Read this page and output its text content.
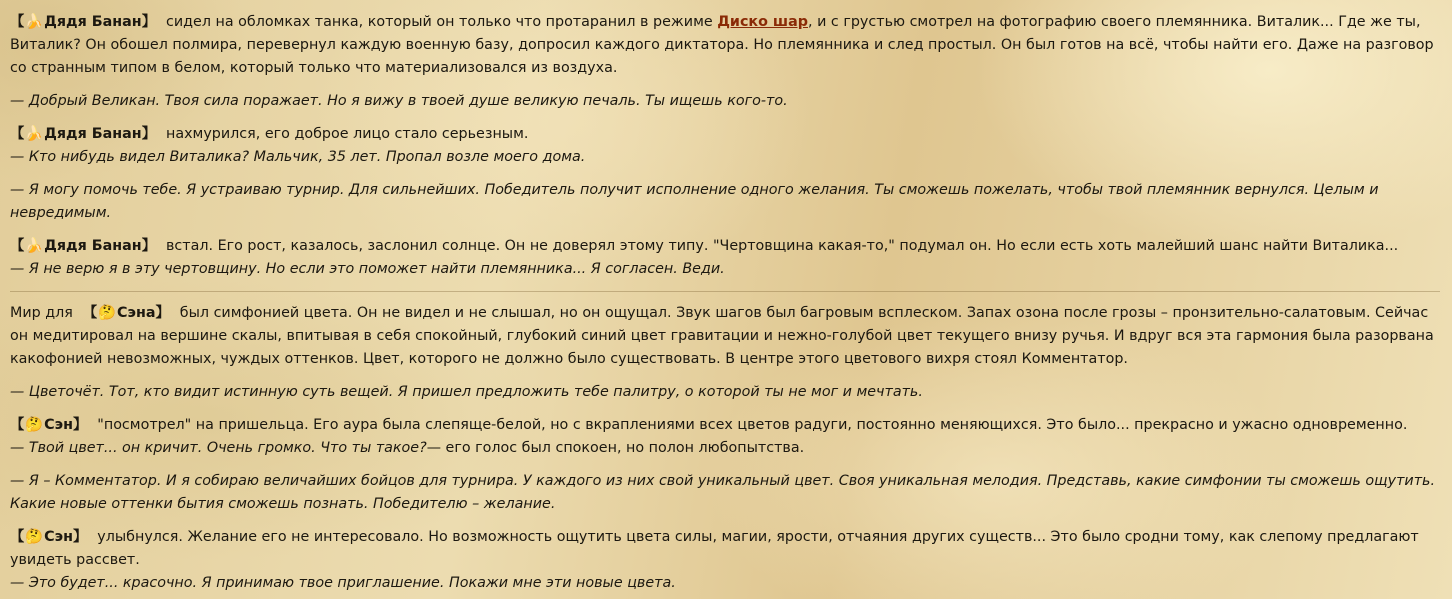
【🍌Дядя Банан】 сидел на обломках танка, который он только что протаранил в режиме Диско шар, и с грустью смотрел на фотографию своего племянника. Виталик... Где же ты, Виталик? Он обошел полмира, перевернул каждую военную базу, допросил каждого диктатора. Но племянника и след простыл. Он был готов на всё, чтобы найти его. Даже на разговор со странным типом в белом, который только что материализовался из воздуха.

— Добрый Великан. Твоя сила поражает. Но я вижу в твоей душе великую печаль. Ты ищешь кого-то.

【🍌Дядя Банан】 нахмурился, его доброе лицо стало серьезным.
— Кто нибудь видел Виталика? Мальчик, 35 лет. Пропал возле моего дома.

— Я могу помочь тебе. Я устраиваю турнир. Для сильнейших. Победитель получит исполнение одного желания. Ты сможешь пожелать, чтобы твой племянник вернулся. Целым и невредимым.

【🍌Дядя Банан】 встал. Его рост, казалось, заслонил солнце. Он не доверял этому типу. "Чертовщина какая-то," подумал он. Но если есть хоть малейший шанс найти Виталика...
— Я не верю я в эту чертовщину. Но если это поможет найти племянника... Я согласен. Веди.

Мир для 【🤔Сэна】 был симфонией цвета. Он не видел и не слышал, но он ощущал. Звук шагов был багровым всплеском. Запах озона после грозы – пронзительно-салатовым. Сейчас он медитировал на вершине скалы, впитывая в себя спокойный, глубокий синий цвет гравитации и нежно-голубой цвет текущего внизу ручья. И вдруг вся эта гармония была разорвана какофонией невозможных, чуждых оттенков. Цвет, которого не должно было существовать. В центре этого цветового вихря стоял Комментатор.

— Цветочёт. Тот, кто видит истинную суть вещей. Я пришел предложить тебе палитру, о которой ты не мог и мечтать.

【🤔Сэн】 "посмотрел" на пришельца. Его аура была слепяще-белой, но с вкраплениями всех цветов радуги, постоянно меняющихся. Это было... прекрасно и ужасно одновременно.
— Твой цвет... он кричит. Очень громко. Что ты такое?— его голос был спокоен, но полон любопытства.

— Я – Комментатор. И я собираю величайших бойцов для турнира. У каждого из них свой уникальный цвет. Своя уникальная мелодия. Представь, какие симфонии ты сможешь ощутить. Какие новые оттенки бытия сможешь познать. Победителю – желание.

【🤔Сэн】 улыбнулся. Желание его не интересовало. Но возможность ощутить цвета силы, магии, ярости, отчаяния других существ... Это было сродни тому, как слепому предлагают увидеть рассвет.
— Это будет... красочно. Я принимаю твое приглашение. Покажи мне эти новые цвета.
